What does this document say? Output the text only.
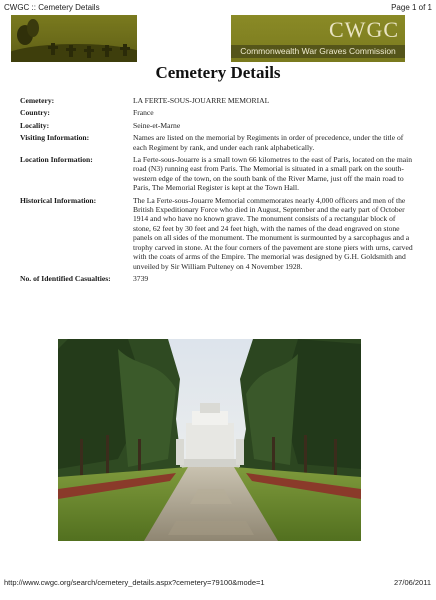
CWGC :: Cemetery Details	Page 1 of 1
CWGC
Commonwealth War Graves Commission
Cemetery Details
Cemetery:	LA FERTE-SOUS-JOUARRE MEMORIAL
Country:	France
Locality:	Seine-et-Marne
Visiting Information:	Names are listed on the memorial by Regiments in order of precedence, under the title of each Regiment by rank, and under each rank alphabetically.
Location Information:	La Ferte-sous-Jouarre is a small town 66 kilometres to the east of Paris, located on the main road (N3) running east from Paris. The Memorial is situated in a small park on the south-western edge of the town, on the south bank of the River Marne, just off the main road to Paris, The Memorial Register is kept at the Town Hall.
Historical Information:	The La Ferte-sous-Jouarre Memorial commemorates nearly 4,000 officers and men of the British Expeditionary Force who died in August, September and the early part of October 1914 and who have no known grave. The monument consists of a rectangular block of stone, 62 feet by 30 feet and 24 feet high, with the names of the dead engraved on stone panels on all sides of the monument. The monument is surmounted by a sarcophagus and a trophy carved in stone. At the four corners of the pavement are stone piers with urns, carved with the coats of arms of the Empire. The memorial was designed by G.H. Goldsmith and unveiled by Sir William Pulteney on 4 November 1928.
No. of Identified Casualties:	3739
http://www.cwgc.org/search/cemetery_details.aspx?cemetery=79100&mode=1	27/06/2011
